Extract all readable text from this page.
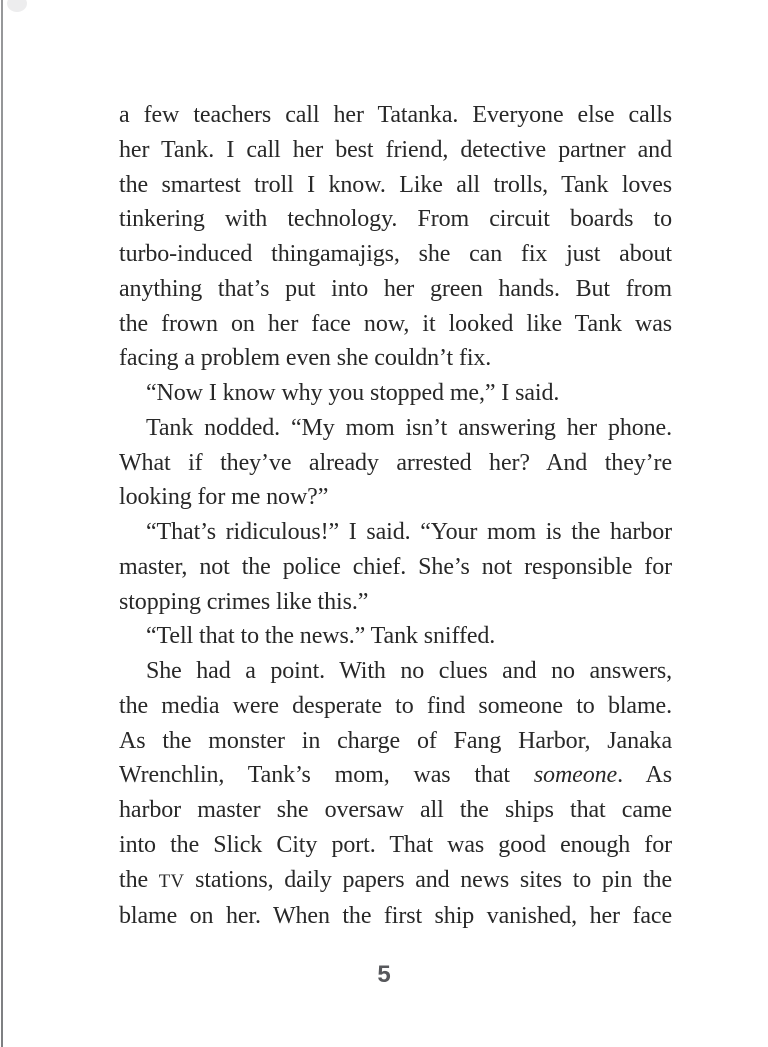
a few teachers call her Tatanka. Everyone else calls
her Tank. I call her best friend, detective partner and
the smartest troll I know. Like all trolls, Tank loves
tinkering with technology. From circuit boards to
turbo-induced thingamajigs, she can fix just about
anything that’s put into her green hands. But from
the frown on her face now, it looked like Tank was
facing a problem even she couldn’t fix.
“Now I know why you stopped me,” I said.
Tank nodded. “My mom isn’t answering her phone.
What if they’ve already arrested her? And they’re
looking for me now?”
“That’s ridiculous!” I said. “Your mom is the harbor
master, not the police chief. She’s not responsible for
stopping crimes like this.”
“Tell that to the news.” Tank sniffed.
She had a point. With no clues and no answers,
the media were desperate to find someone to blame.
As the monster in charge of Fang Harbor, Janaka
Wrenchlin, Tank’s mom, was that someone. As
harbor master she oversaw all the ships that came
into the Slick City port. That was good enough for
the TV stations, daily papers and news sites to pin the
blame on her. When the first ship vanished, her face
5
